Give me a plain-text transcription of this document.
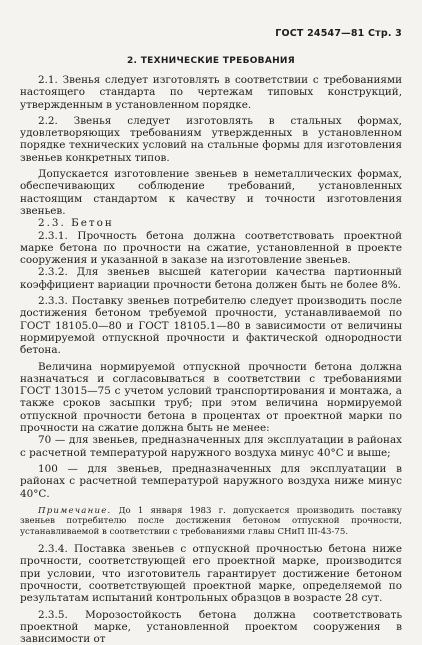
ГОСТ 24547—81 Стр. 3
2. ТЕХНИЧЕСКИЕ ТРЕБОВАНИЯ

2.1. Звенья следует изготовлять в соответствии с требованиями настоящего стандарта по чертежам типовых конструкций, утвержденным в установленном порядке.

2.2. Звенья следует изготовлять в стальных формах, удовлетворяющих требованиям утвержденных в установленном порядке технических условий на стальные формы для изготовления звеньев конкретных типов.

Допускается изготовление звеньев в неметаллических формах, обеспечивающих соблюдение требований, установленных настоящим стандартом к качеству и точности изготовления звеньев.

2.3. Бетон

2.3.1. Прочность бетона должна соответствовать проектной марке бетона по прочности на сжатие, установленной в проекте сооружения и указанной в заказе на изготовление звеньев.

2.3.2. Для звеньев высшей категории качества партионный коэффициент вариации прочности бетона должен быть не более 8%.

2.3.3. Поставку звеньев потребителю следует производить после достижения бетоном требуемой прочности, устанавливаемой по ГОСТ 18105.0—80 и ГОСТ 18105.1—80 в зависимости от величины нормируемой отпускной прочности и фактической однородности бетона.

Величина нормируемой отпускной прочности бетона должна назначаться и согласовываться в соответствии с требованиями ГОСТ 13015—75 с учетом условий транспортирования и монтажа, а также сроков засыпки труб; при этом величина нормируемой отпускной прочности бетона в процентах от проектной марки по прочности на сжатие должна быть не менее:

70 — для звеньев, предназначенных для эксплуатации в районах с расчетной температурой наружного воздуха минус 40°С и выше;

100 — для звеньев, предназначенных для эксплуатации в районах с расчетной температурой наружного воздуха ниже минус 40°С.

Примечание. До 1 января 1983 г. допускается производить поставку звеньев потребителю после достижения бетоном отпускной прочности, устанавливаемой в соответствии с требованиями главы СНиП III-43-75.

2.3.4. Поставка звеньев с отпускной прочностью бетона ниже прочности, соответствующей его проектной марке, производится при условии, что изготовитель гарантирует достижение бетоном прочности, соответствующей проектной марке, определяемой по результатам испытаний контрольных образцов в возрасте 28 сут.

2.3.5. Морозостойкость бетона должна соответствовать проектной марке, установленной проектом сооружения в зависимости от
